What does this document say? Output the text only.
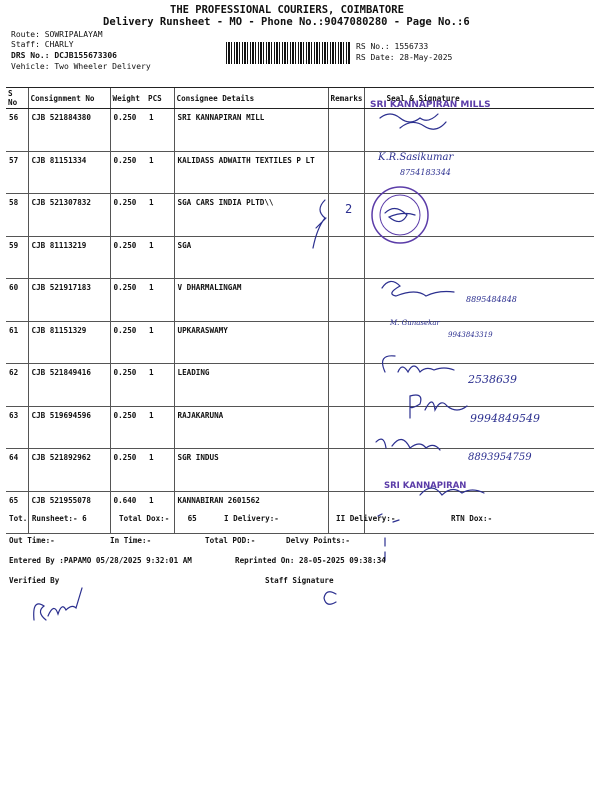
THE PROFESSIONAL COURIERS, COIMBATORE
Delivery Runsheet - MO - Phone No.:9047080280 - Page No.:6
Route: SOWRIPALAYAM
Staff: CHARLY
DRS No.: DCJB155673306
Vehicle: Two Wheeler Delivery
RS No.: 1556733
RS Date: 28-May-2025
S No	Consignment No	Weight	PCS	Consignee Details	Remarks	Seal & Signature
56	CJB 521884380	0.250	1	SRI KANNAPIRAN MILL		
57	CJB 81151334	0.250	1	KALIDASS ADWAITH TEXTILES P LT		
58	CJB 521307832	0.250	1	SGA CARS INDIA PLTD\\		
59	CJB 81113219	0.250	1	SGA		
60	CJB 521917183	0.250	1	V DHARMALINGAM		
61	CJB 81151329	0.250	1	UPKARASWAMY		
62	CJB 521849416	0.250	1	LEADING		
63	CJB 519694596	0.250	1	RAJAKARUNA		
64	CJB 521892962	0.250	1	SGR INDUS		
65	CJB 521955078	0.640	1	KANNABIRAN 2601562		
SRI KANNAPIRAN MILLS
K.R.Sasikumar
8754183344
2
8895484848
M. Gunasekar
9943843319
2538639
9994849549
8893954759
SRI KANNAPIRAN
Tot. Runsheet:- 6	Total Dox:-    65	I Delivery:-	II Delivery:-	RTN Dox:-
Out Time:-	In Time:-	Total POD:-	Delvy Points:-
Entered By :PAPAMO 05/28/2025 9:32:01 AM	Reprinted On: 28-05-2025 09:38:34
Verified By	Staff Signature
